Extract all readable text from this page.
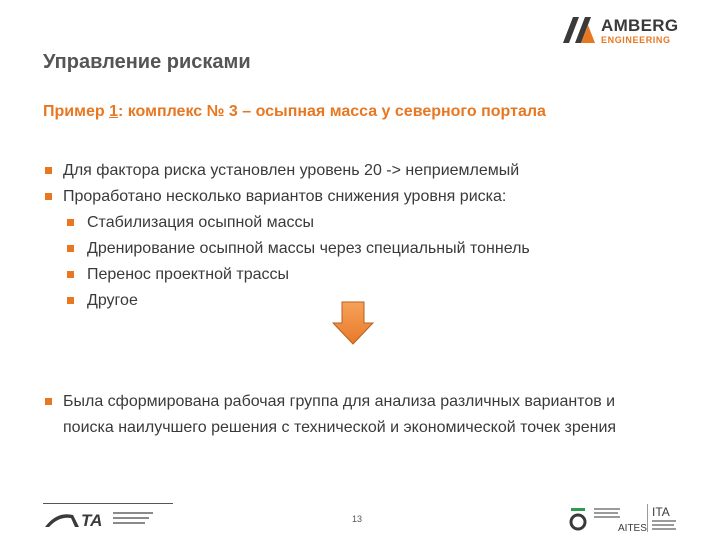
AMBERG
ENGINEERING
Управление рисками
Пример 1: комплекс № 3 – осыпная масса у северного портала
Для фактора риска установлен уровень 20 -> неприемлемый
Проработано несколько вариантов снижения уровня риска:
Стабилизация осыпной массы
Дренирование осыпной массы через специальный тоннель
Перенос проектной трассы
Другое
Была сформирована рабочая группа для анализа различных вариантов и
поиска наилучшего решения с технической и экономической точек зрения
TA	13
AITES
ITA
